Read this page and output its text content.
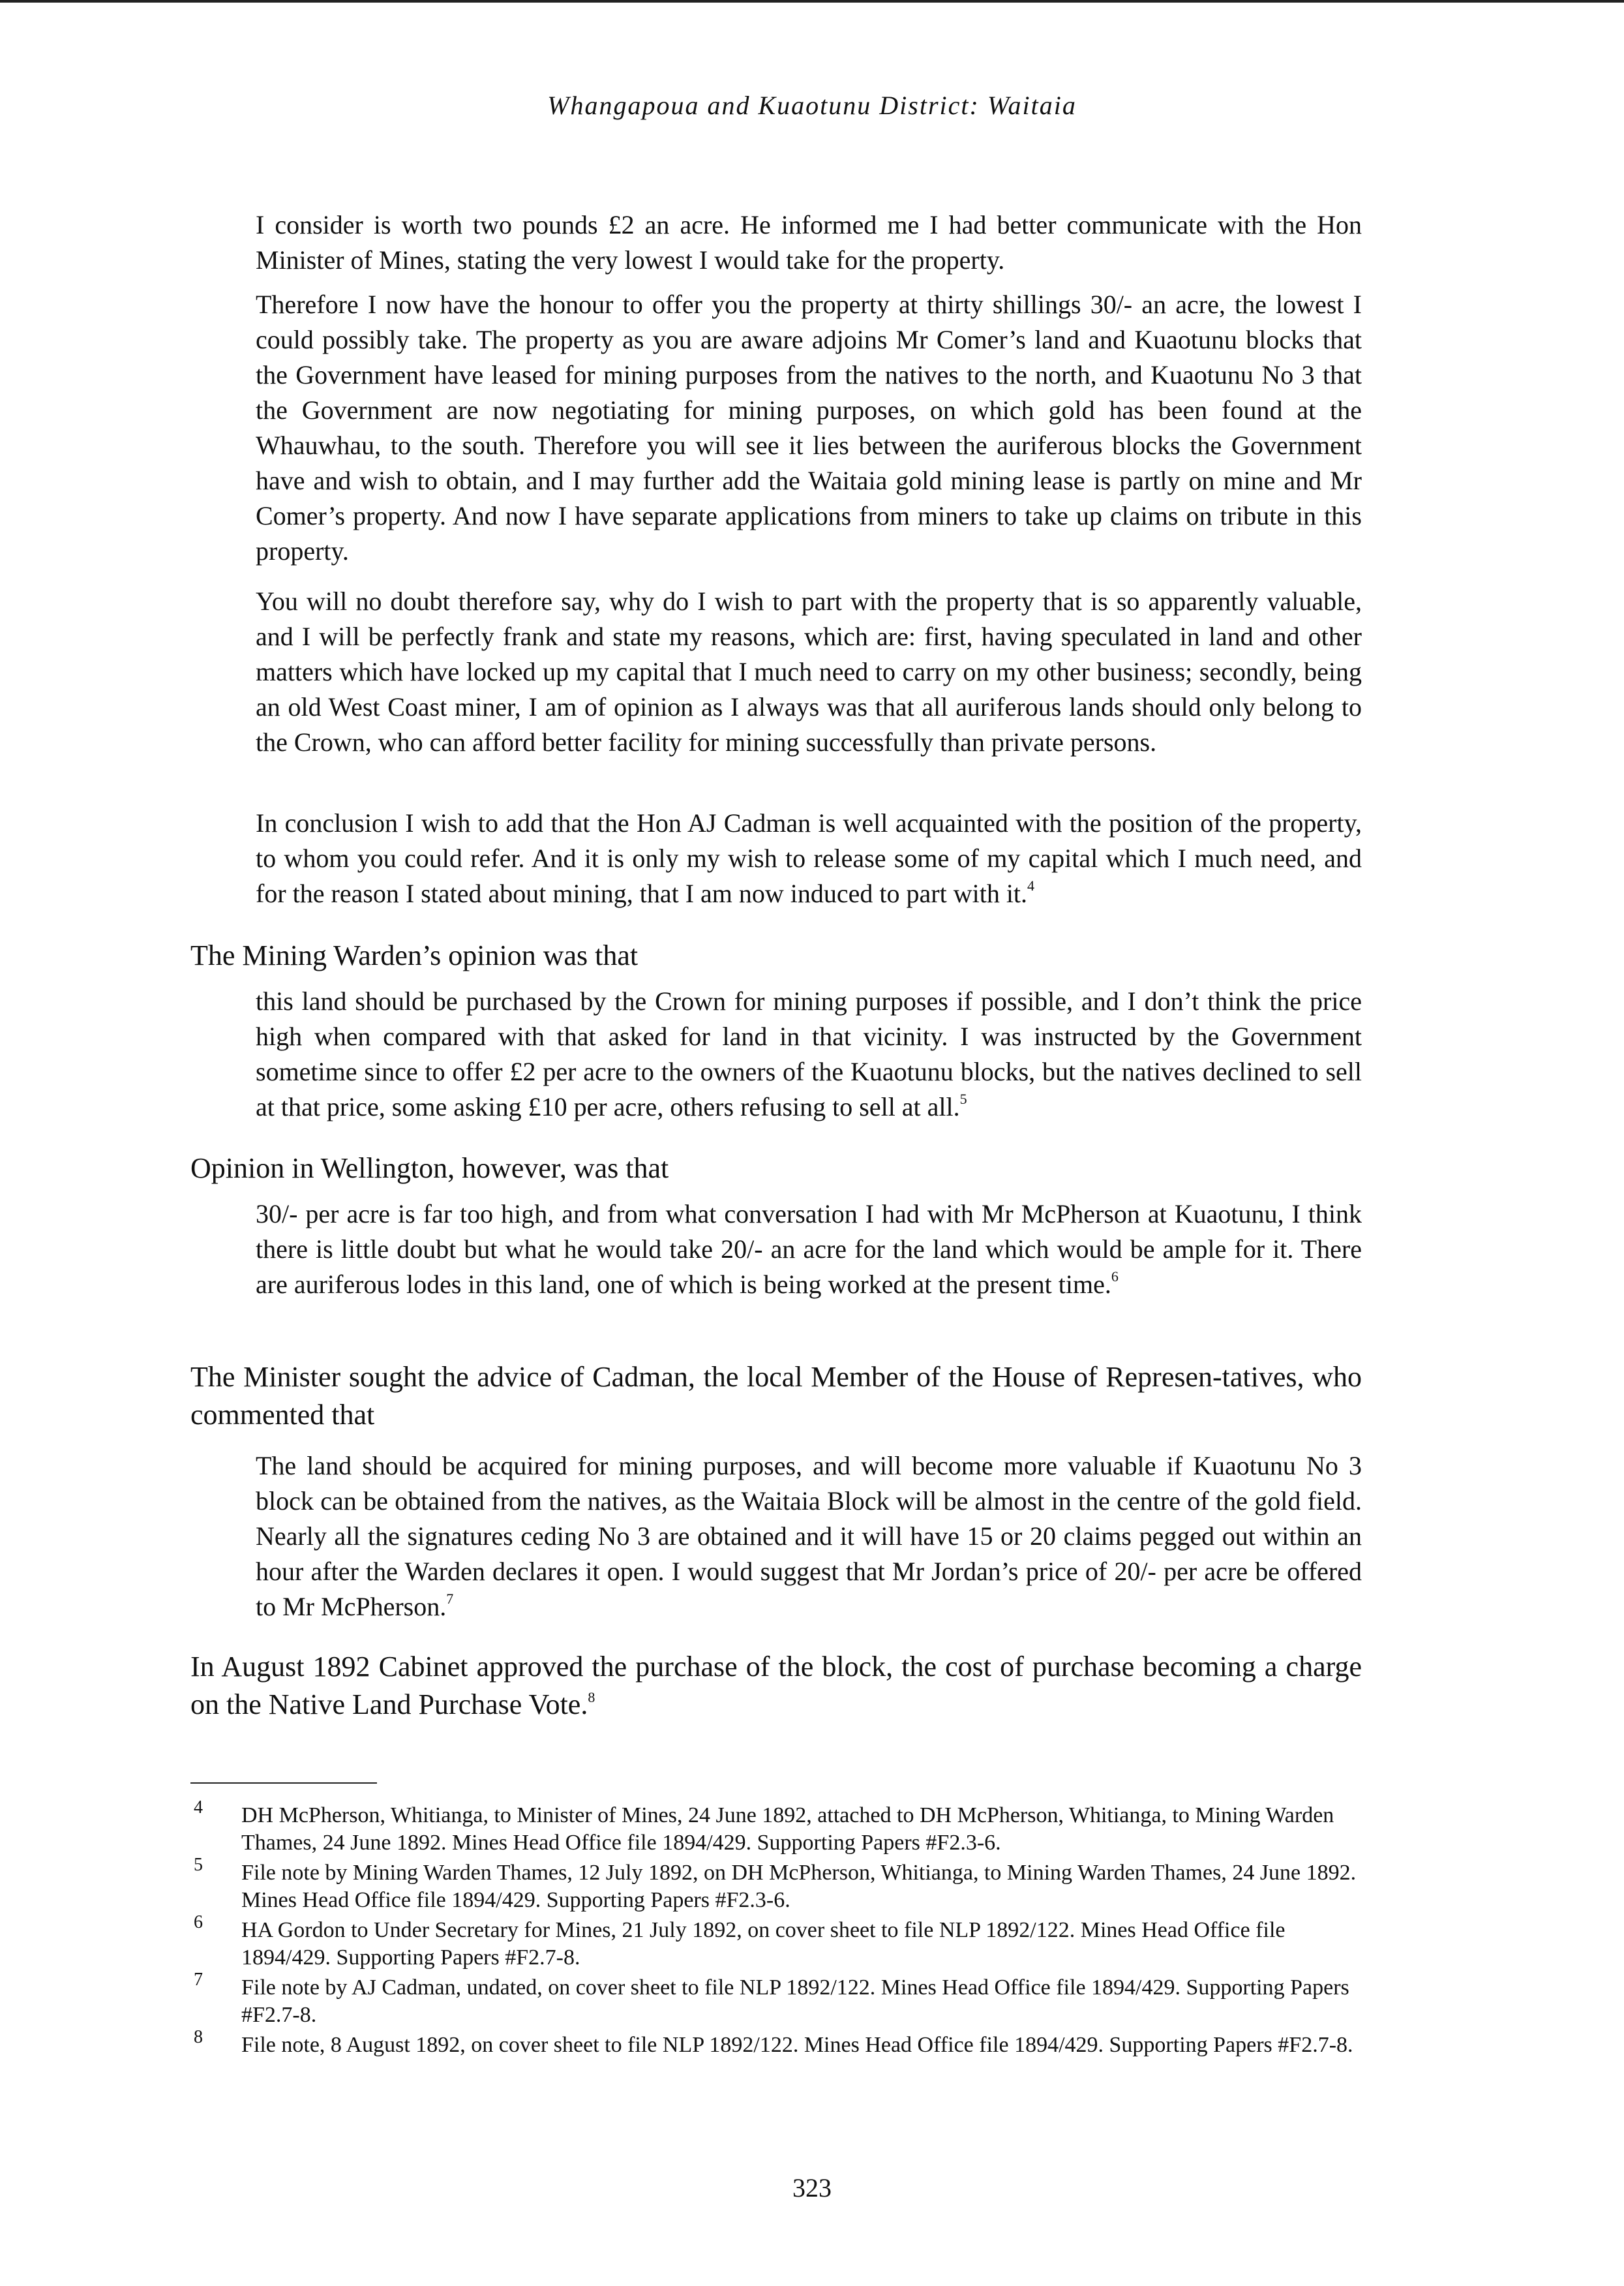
Whangapoua and Kuaotunu District: Waitaia

I consider is worth two pounds £2 an acre. He informed me I had better communicate with the Hon Minister of Mines, stating the very lowest I would take for the property.

Therefore I now have the honour to offer you the property at thirty shillings 30/- an acre, the lowest I could possibly take. The property as you are aware adjoins Mr Comer’s land and Kuaotunu blocks that the Government have leased for mining purposes from the natives to the north, and Kuaotunu No 3 that the Government are now negotiating for mining purposes, on which gold has been found at the Whauwhau, to the south. Therefore you will see it lies between the auriferous blocks the Government have and wish to obtain, and I may further add the Waitaia gold mining lease is partly on mine and Mr Comer’s property. And now I have separate applications from miners to take up claims on tribute in this property.

You will no doubt therefore say, why do I wish to part with the property that is so apparently valuable, and I will be perfectly frank and state my reasons, which are: first, having speculated in land and other matters which have locked up my capital that I much need to carry on my other business; secondly, being an old West Coast miner, I am of opinion as I always was that all auriferous lands should only belong to the Crown, who can afford better facility for mining successfully than private persons.

In conclusion I wish to add that the Hon AJ Cadman is well acquainted with the position of the property, to whom you could refer. And it is only my wish to release some of my capital which I much need, and for the reason I stated about mining, that I am now induced to part with it.$^4$

The Mining Warden’s opinion was that

this land should be purchased by the Crown for mining purposes if possible, and I don’t think the price high when compared with that asked for land in that vicinity. I was instructed by the Government sometime since to offer £2 per acre to the owners of the Kuaotunu blocks, but the natives declined to sell at that price, some asking £10 per acre, others refusing to sell at all.$^5$

Opinion in Wellington, however, was that

30/- per acre is far too high, and from what conversation I had with Mr McPherson at Kuaotunu, I think there is little doubt but what he would take 20/- an acre for the land which would be ample for it. There are auriferous lodes in this land, one of which is being worked at the present time.$^6$

The Minister sought the advice of Cadman, the local Member of the House of Represen-tatives, who commented that

The land should be acquired for mining purposes, and will become more valuable if Kuaotunu No 3 block can be obtained from the natives, as the Waitaia Block will be almost in the centre of the gold field. Nearly all the signatures ceding No 3 are obtained and it will have 15 or 20 claims pegged out within an hour after the Warden declares it open. I would suggest that Mr Jordan’s price of 20/- per acre be offered to Mr McPherson.$^7$

In August 1892 Cabinet approved the purchase of the block, the cost of purchase becoming a charge on the Native Land Purchase Vote.$^8$

4 DH McPherson, Whitianga, to Minister of Mines, 24 June 1892, attached to DH McPherson, Whitianga, to Mining Warden Thames, 24 June 1892. Mines Head Office file 1894/429. Supporting Papers #F2.3-6.
5 File note by Mining Warden Thames, 12 July 1892, on DH McPherson, Whitianga, to Mining Warden Thames, 24 June 1892. Mines Head Office file 1894/429. Supporting Papers #F2.3-6.
6 HA Gordon to Under Secretary for Mines, 21 July 1892, on cover sheet to file NLP 1892/122. Mines Head Office file 1894/429. Supporting Papers #F2.7-8.
7 File note by AJ Cadman, undated, on cover sheet to file NLP 1892/122. Mines Head Office file 1894/429. Supporting Papers #F2.7-8.
8 File note, 8 August 1892, on cover sheet to file NLP 1892/122. Mines Head Office file 1894/429. Supporting Papers #F2.7-8.
323
